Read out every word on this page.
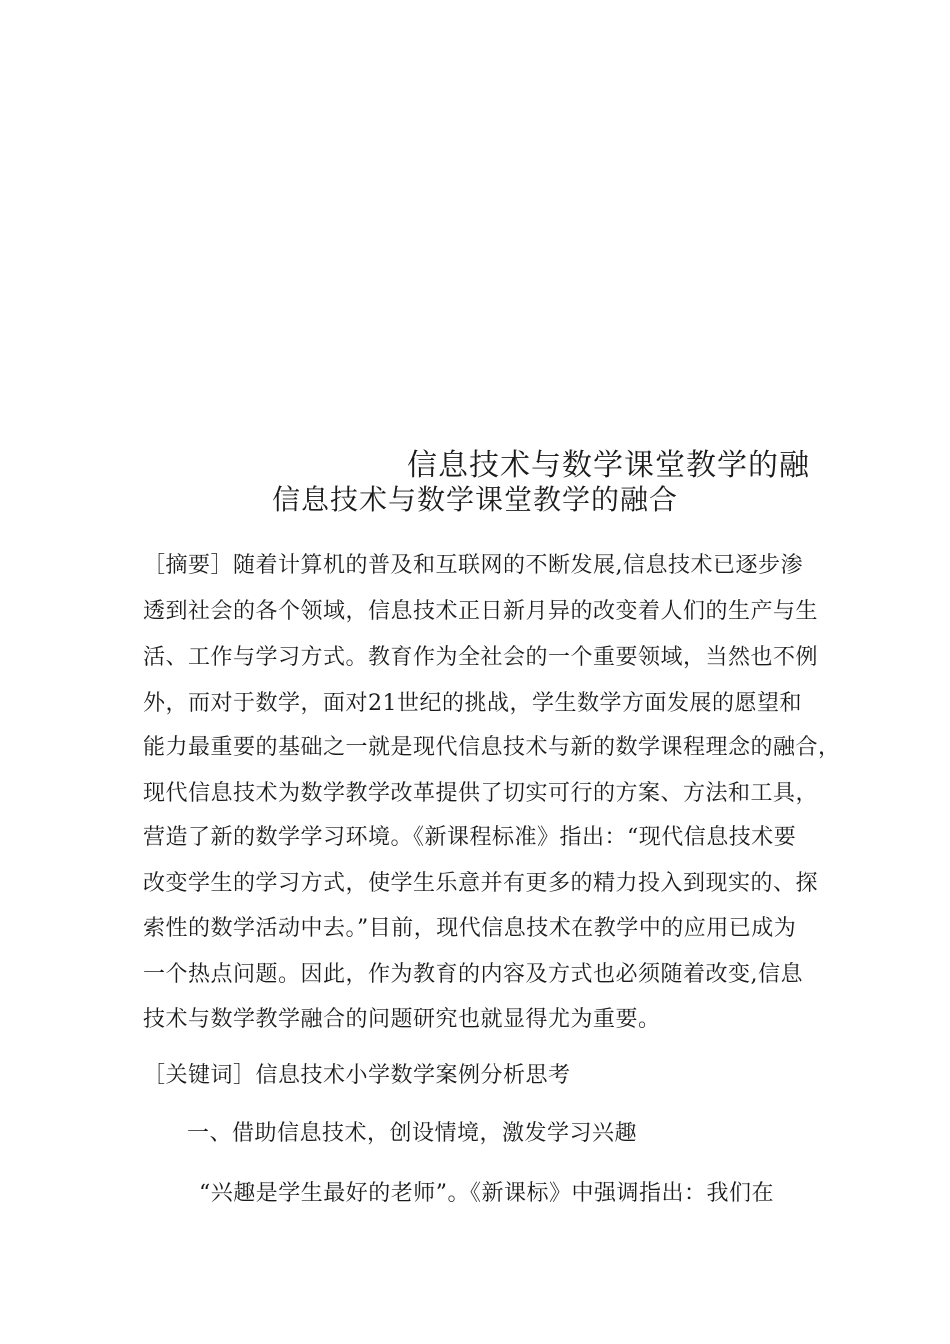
信息技术与数学课堂教学的融
信息技术与数学课堂教学的融合
［摘要］随着计算机的普及和互联网的不断发展,信息技术已逐步渗
透到社会的各个领域，信息技术正日新月异的改变着人们的生产与生
活、工作与学习方式。教育作为全社会的一个重要领域，当然也不例
外，而对于数学，面对21世纪的挑战，学生数学方面发展的愿望和
能力最重要的基础之一就是现代信息技术与新的数学课程理念的融合，
现代信息技术为数学教学改革提供了切实可行的方案、方法和工具，
营造了新的数学学习环境。《新课程标准》指出：“现代信息技术要
改变学生的学习方式，使学生乐意并有更多的精力投入到现实的、探
索性的数学活动中去。”目前，现代信息技术在教学中的应用已成为
一个热点问题。因此，作为教育的内容及方式也必须随着改变,信息
技术与数学教学融合的问题研究也就显得尤为重要。
［关键词］信息技术小学数学案例分析思考
一、借助信息技术，创设情境，激发学习兴趣
“兴趣是学生最好的老师”。《新课标》中强调指出：我们在
